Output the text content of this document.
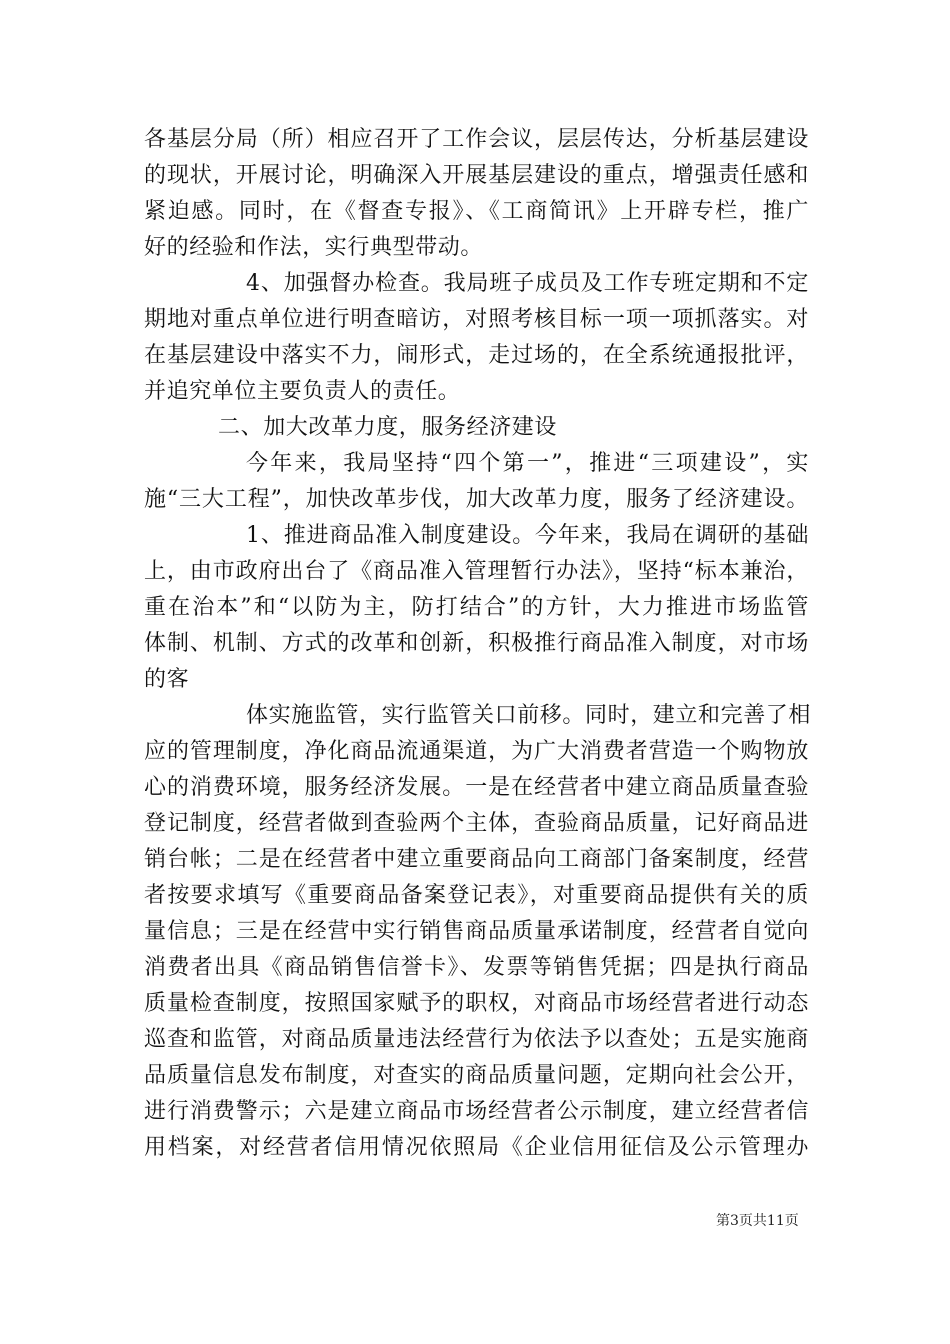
各基层分局（所）相应召开了工作会议，层层传达，分析基层建设
的现状，开展讨论，明确深入开展基层建设的重点，增强责任感和
紧迫感。同时，在《督查专报》、《工商简讯》上开辟专栏，推广
好的经验和作法，实行典型带动。
4、加强督办检查。我局班子成员及工作专班定期和不定
期地对重点单位进行明查暗访，对照考核目标一项一项抓落实。对
在基层建设中落实不力，闹形式，走过场的，在全系统通报批评，
并追究单位主要负责人的责任。
二、加大改革力度，服务经济建设
今年来，我局坚持“四个第一”，推进“三项建设”，实
施“三大工程”，加快改革步伐，加大改革力度，服务了经济建设。
1、推进商品准入制度建设。今年来，我局在调研的基础
上，由市政府出台了《商品准入管理暂行办法》，坚持“标本兼治，
重在治本”和“以防为主，防打结合”的方针，大力推进市场监管
体制、机制、方式的改革和创新，积极推行商品准入制度，对市场
的客
体实施监管，实行监管关口前移。同时，建立和完善了相
应的管理制度，净化商品流通渠道，为广大消费者营造一个购物放
心的消费环境，服务经济发展。一是在经营者中建立商品质量查验
登记制度，经营者做到查验两个主体，查验商品质量，记好商品进
销台帐；二是在经营者中建立重要商品向工商部门备案制度，经营
者按要求填写《重要商品备案登记表》，对重要商品提供有关的质
量信息；三是在经营中实行销售商品质量承诺制度，经营者自觉向
消费者出具《商品销售信誉卡》、发票等销售凭据；四是执行商品
质量检查制度，按照国家赋予的职权，对商品市场经营者进行动态
巡查和监管，对商品质量违法经营行为依法予以查处；五是实施商
品质量信息发布制度，对查实的商品质量问题，定期向社会公开，
进行消费警示；六是建立商品市场经营者公示制度，建立经营者信
用档案，对经营者信用情况依照局《企业信用征信及公示管理办
第3页共11页
